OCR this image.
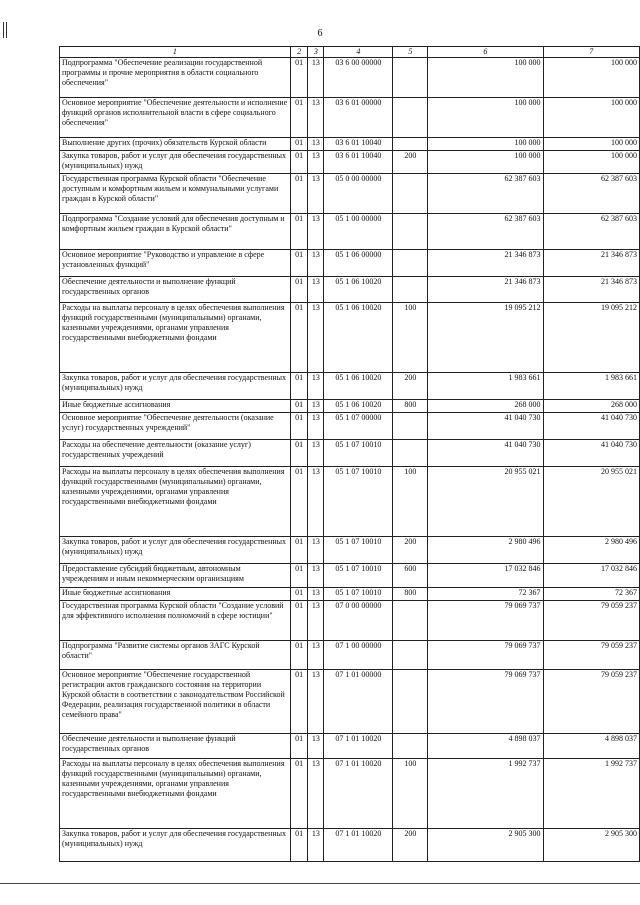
6
1	2	3	4	5	6	7
Подпрограмма "Обеспечение реализации государственной программы и прочие мероприятия в области социального обеспечения"	01	13	03 6 00 00000		100 000	100 000
Основное мероприятие "Обеспечение деятельности и исполнение функций органов исполнительной власти в сфере социального обеспечения"	01	13	03 6 01 00000		100 000	100 000
Выполнение других (прочих) обязательств Курской области	01	13	03 6 01 10040		100 000	100 000
Закупка товаров, работ и услуг для обеспечения государственных (муниципальных) нужд	01	13	03 6 01 10040	200	100 000	100 000
Государственная программа Курской области "Обеспечение доступным и комфортным жильем и коммунальными услугами граждан в Курской области"	01	13	05 0 00 00000		62 387 603	62 387 603
Подпрограмма "Создание условий для обеспечения доступным и комфортным жильем граждан в Курской области"	01	13	05 1 00 00000		62 387 603	62 387 603
Основное мероприятие "Руководство и управление в сфере установленных функций"	01	13	05 1 06 00000		21 346 873	21 346 873
Обеспечение деятельности и выполнение функций государственных органов	01	13	05 1 06 10020		21 346 873	21 346 873
Расходы на выплаты персоналу в целях обеспечения выполнения функций государственными (муниципальными) органами, казенными учреждениями, органами управления государственными внебюджетными фондами	01	13	05 1 06 10020	100	19 095 212	19 095 212
Закупка товаров, работ и услуг для обеспечения государственных (муниципальных) нужд	01	13	05 1 06 10020	200	1 983 661	1 983 661
Иные бюджетные ассигнования	01	13	05 1 06 10020	800	268 000	268 000
Основное мероприятие "Обеспечение деятельности (оказание услуг) государственных учреждений"	01	13	05 1 07 00000		41 040 730	41 040 730
Расходы на обеспечение деятельности (оказание услуг) государственных учреждений	01	13	05 1 07 10010		41 040 730	41 040 730
Расходы на выплаты персоналу в целях обеспечения выполнения функций государственными (муниципальными) органами, казенными учреждениями, органами управления государственными внебюджетными фондами	01	13	05 1 07 10010	100	20 955 021	20 955 021
Закупка товаров, работ и услуг для обеспечения государственных (муниципальных) нужд	01	13	05 1 07 10010	200	2 980 496	2 980 496
Предоставление субсидий бюджетным, автономным учреждениям и иным некоммерческим организациям	01	13	05 1 07 10010	600	17 032 846	17 032 846
Иные бюджетные ассигнования	01	13	05 1 07 10010	800	72 367	72 367
Государственная программа Курской области "Создание условий для эффективного исполнения полномочий в сфере юстиции"	01	13	07 0 00 00000		79 069 737	79 059 237
Подпрограмма "Развитие системы органов ЗАГС Курской области"	01	13	07 1 00 00000		79 069 737	79 059 237
Основное мероприятие "Обеспечение государственной регистрации актов гражданского состояния на территории Курской области в соответствии с законодательством Российской Федерации, реализация государственной политики в области семейного права"	01	13	07 1 01 00000		79 069 737	79 059 237
Обеспечение деятельности и выполнение функций государственных органов	01	13	07 1 01 10020		4 898 037	4 898 037
Расходы на выплаты персоналу в целях обеспечения выполнения функций государственными (муниципальными) органами, казенными учреждениями, органами управления государственными внебюджетными фондами	01	13	07 1 01 10020	100	1 992 737	1 992 737
Закупка товаров, работ и услуг для обеспечения государственных (муниципальных) нужд	01	13	07 1 01 10020	200	2 905 300	2 905 300
